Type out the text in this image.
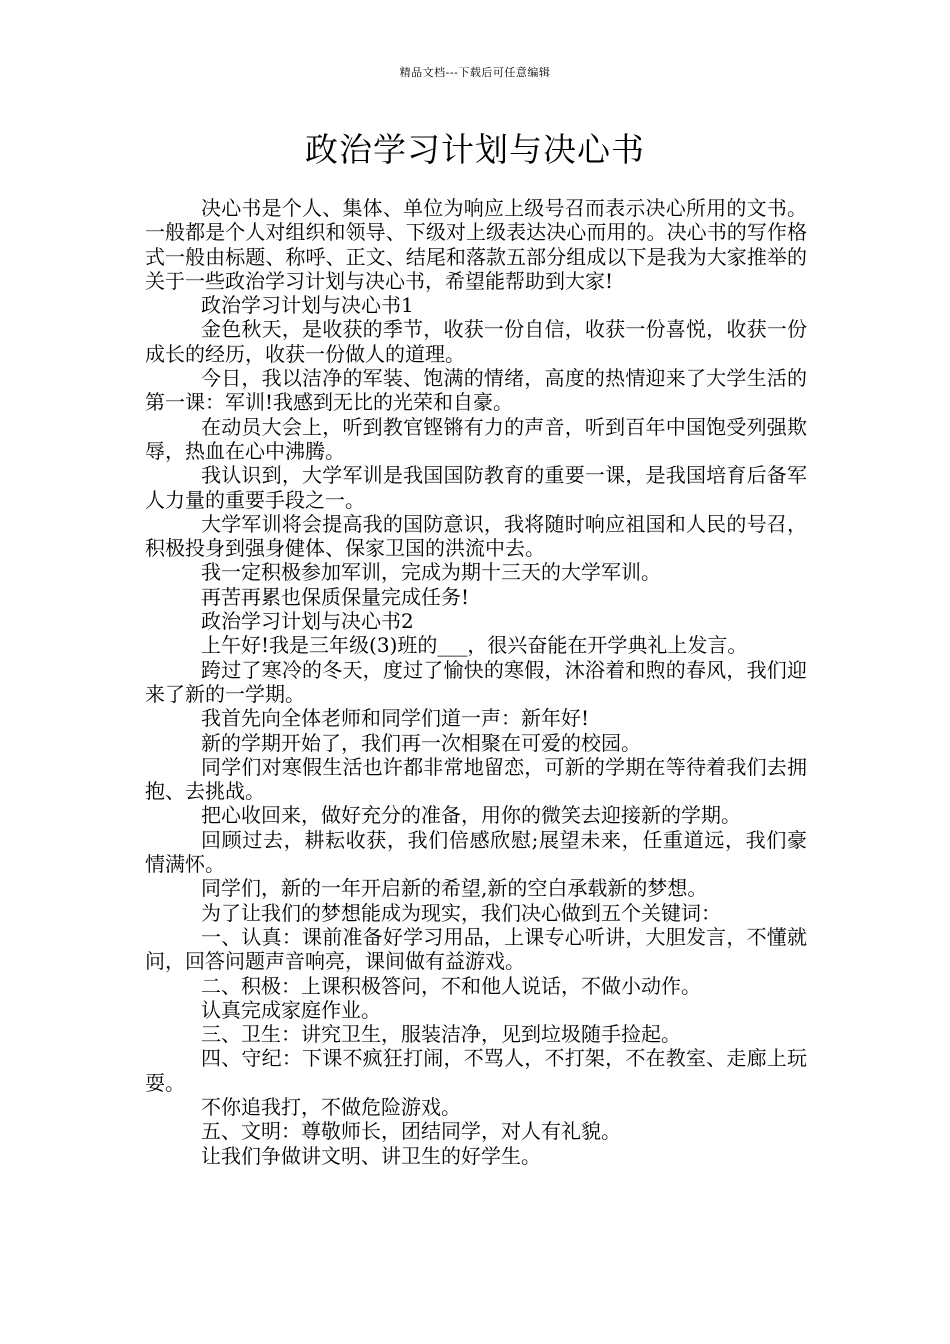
精品文档---下载后可任意编辑
政治学习计划与决心书

决心书是个人、集体、单位为响应上级号召而表示决心所用的文书。一般都是个人对组织和领导、下级对上级表达决心而用的。决心书的写作格式一般由标题、称呼、正文、结尾和落款五部分组成以下是我为大家推举的关于一些政治学习计划与决心书，希望能帮助到大家!

政治学习计划与决心书1

金色秋天，是收获的季节，收获一份自信，收获一份喜悦，收获一份成长的经历，收获一份做人的道理。

今日，我以洁净的军装、饱满的情绪，高度的热情迎来了大学生活的第一课：军训!我感到无比的光荣和自豪。

在动员大会上，听到教官铿锵有力的声音，听到百年中国饱受列强欺辱，热血在心中沸腾。

我认识到，大学军训是我国国防教育的重要一课，是我国培育后备军人力量的重要手段之一。

大学军训将会提高我的国防意识，我将随时响应祖国和人民的号召，积极投身到强身健体、保家卫国的洪流中去。

我一定积极参加军训，完成为期十三天的大学军训。

再苦再累也保质保量完成任务!

政治学习计划与决心书2

上午好!我是三年级(3)班的___，很兴奋能在开学典礼上发言。

跨过了寒冷的冬天，度过了愉快的寒假，沐浴着和煦的春风，我们迎来了新的一学期。

我首先向全体老师和同学们道一声：新年好!

新的学期开始了，我们再一次相聚在可爱的校园。

同学们对寒假生活也许都非常地留恋，可新的学期在等待着我们去拥抱、去挑战。

把心收回来，做好充分的准备，用你的微笑去迎接新的学期。

回顾过去，耕耘收获，我们倍感欣慰;展望未来，任重道远，我们豪情满怀。

同学们，新的一年开启新的希望,新的空白承载新的梦想。

为了让我们的梦想能成为现实，我们决心做到五个关键词：

一、认真：课前准备好学习用品，上课专心听讲，大胆发言，不懂就问，回答问题声音响亮，课间做有益游戏。

二、积极：上课积极答问，不和他人说话，不做小动作。

认真完成家庭作业。

三、卫生：讲究卫生，服装洁净，见到垃圾随手捡起。

四、守纪：下课不疯狂打闹，不骂人，不打架，不在教室、走廊上玩耍。

不你追我打，不做危险游戏。

五、文明：尊敬师长，团结同学，对人有礼貌。

让我们争做讲文明、讲卫生的好学生。
